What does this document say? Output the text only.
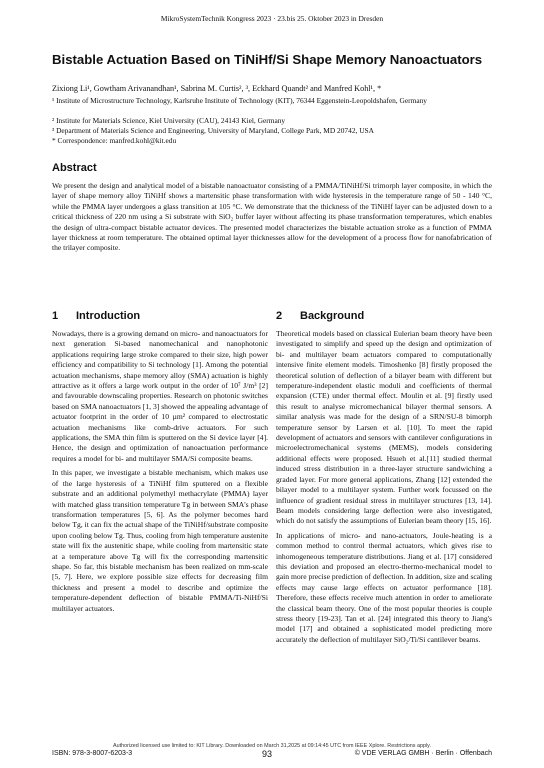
MikroSystemTechnik Kongress 2023 · 23.bis 25. Oktober 2023 in Dresden
Bistable Actuation Based on TiNiHf/Si Shape Memory Nanoactuators
Zixiong Li¹, Gowtham Arivanandhan¹, Sabrina M. Curtis², ³, Eckhard Quandt² and Manfred Kohl¹, *
¹ Institute of Microstructure Technology, Karlsruhe Institute of Technology (KIT), 76344 Eggenstein-Leopoldshafen, Germany
² Institute for Materials Science, Kiel University (CAU), 24143 Kiel, Germany
³ Department of Materials Science and Engineering, University of Maryland, College Park, MD 20742, USA
* Correspondence: manfred.kohl@kit.edu
Abstract

We present the design and analytical model of a bistable nanoactuator consisting of a PMMA/TiNiHf/Si trimorph layer composite, in which the layer of shape memory alloy TiNiHf shows a martensitic phase transformation with wide hysteresis in the temperature range of 50 - 140 °C, while the PMMA layer undergoes a glass transition at 105 °C. We demonstrate that the thickness of the TiNiHf layer can be adjusted down to a critical thickness of 220 nm using a Si substrate with SiO₂ buffer layer without affecting its phase transformation temperatures, which enables the design of ultra-compact bistable actuator devices. The presented model characterizes the bistable actuation stroke as a function of PMMA layer thickness at room temperature. The obtained optimal layer thicknesses allow for the development of a process flow for nanofabrication of the trilayer composite.

1 Introduction	2 Background

Nowadays, there is a growing demand on micro- and nanoactuators for next generation Si-based nanomechanical and nanophotonic applications requiring large stroke compared to their size, high power efficiency and compatibility to Si technology [1]. Among the potential actuation mechanisms, shape memory alloy (SMA) actuation is highly attractive as it offers a large work output in the order of 10⁷ J/m³ [2] and favourable downscaling properties. Research on photonic switches based on SMA nanoactuators [1, 3] showed the appealing advantage of actuator footprint in the order of 10 µm² compared to electrostatic actuation mechanisms like comb-drive actuators. For such applications, the SMA thin film is sputtered on the Si device layer [4]. Hence, the design and optimization of nanoactuation performance requires a model for bi- and multilayer SMA/Si composite beams.

In this paper, we investigate a bistable mechanism, which makes use of the large hysteresis of a TiNiHf film sputtered on a flexible substrate and an additional polymethyl methacrylate (PMMA) layer with matched glass transition temperature Tg in between SMA's phase transformation temperatures [5, 6]. As the polymer becomes hard below Tg, it can fix the actual shape of the TiNiHf/substrate composite upon cooling below Tg. Thus, cooling from high temperature austenite state will fix the austenitic shape, while cooling from martensitic state at a temperature above Tg will fix the corresponding martensitic shape. So far, this bistable mechanism has been realized on mm-scale [5, 7]. Here, we explore possible size effects for decreasing film thickness and present a model to describe and optimize the temperature-dependent deflection of bistable PMMA/Ti-NiHf/Si multilayer actuators.

Theoretical models based on classical Eulerian beam theory have been investigated to simplify and speed up the design and optimization of bi- and multilayer beam actuators compared to computationally intensive finite element models. Timoshenko [8] firstly proposed the theoretical solution of deflection of a bilayer beam with different but temperature-independent elastic moduli and coefficients of thermal expansion (CTE) under thermal effect. Moulin et al. [9] firstly used this result to analyse micromechanical bilayer thermal sensors. A similar analysis was made for the design of a SRN/SU-8 bimorph temperature sensor by Larsen et al. [10]. To meet the rapid development of actuators and sensors with cantilever configurations in microelectromechanical systems (MEMS), models considering additional effects were proposed. Hsueh et al.[11] studied thermal induced stress distribution in a three-layer structure sandwiching a graded layer. For more general applications, Zhang [12] extended the bilayer model to a multilayer system. Further work focussed on the influence of gradient residual stress in multilayer structures [13, 14]. Beam models considering large deflection were also investigated, which do not satisfy the assumptions of Eulerian beam theory [15, 16].

In applications of micro- and nano-actuators, Joule-heating is a common method to control thermal actuators, which gives rise to inhomogeneous temperature distributions. Jiang et al. [17] considered this deviation and proposed an electro-thermo-mechanical model to gain more precise prediction of deflection. In addition, size and scaling effects may cause large effects on actuator performance [18]. Therefore, these effects receive much attention in order to ameliorate the classical beam theory. One of the most popular theories is couple stress theory [19-23]. Tan et al. [24] integrated this theory to Jiang's model [17] and obtained a sophisticated model predicting more accurately the deflection of multilayer SiO₂/Ti/Si cantilever beams.

Authorized licensed use limited to: KIT Library. Downloaded on March 31,2025 at 09:14:45 UTC from IEEE Xplore. Restrictions apply.
ISBN: 978-3-8007-6203-3	93	© VDE VERLAG GMBH · Berlin · Offenbach
